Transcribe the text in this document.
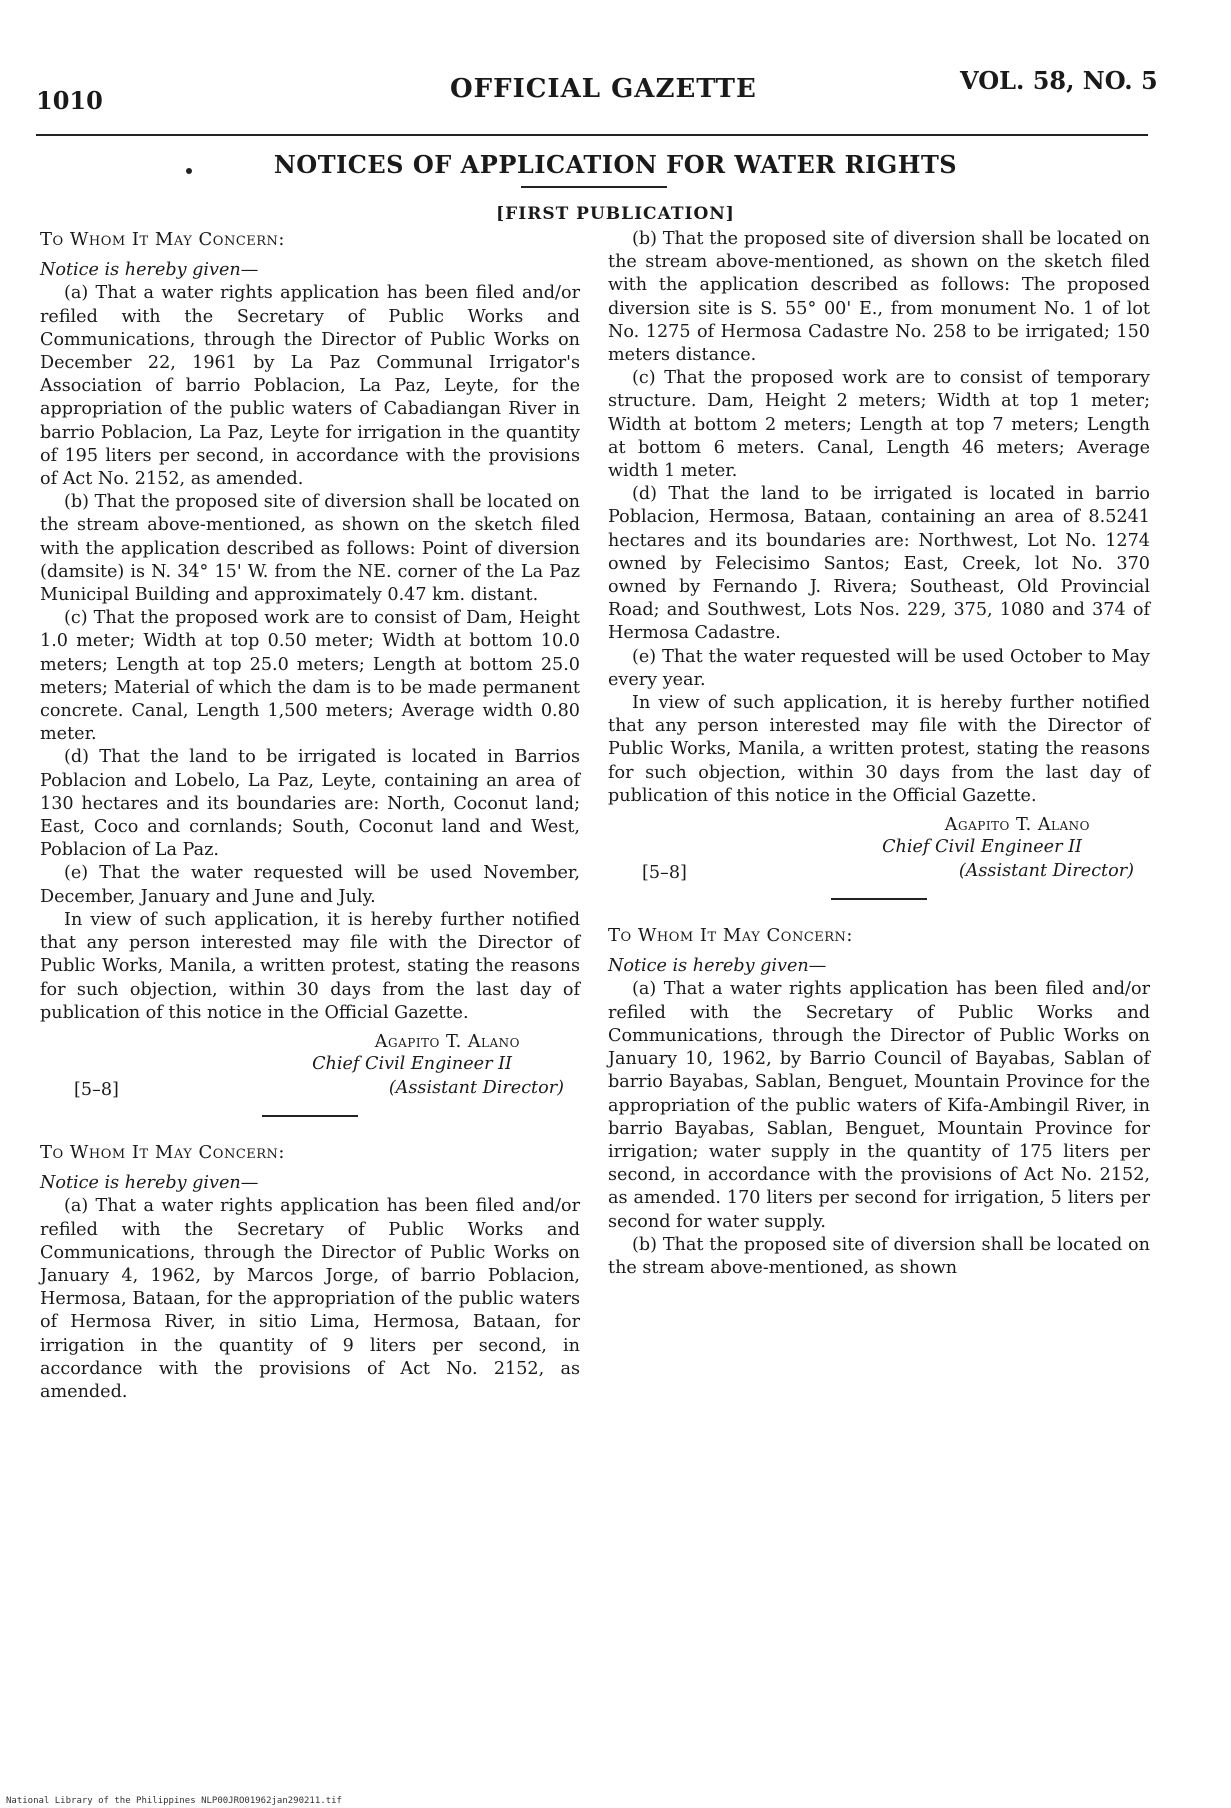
1010	OFFICIAL GAZETTE	VOL. 58, NO. 5
NOTICES OF APPLICATION FOR WATER RIGHTS
[FIRST PUBLICATION]

To Whom It May Concern:

Notice is hereby given—

(a) That a water rights application has been filed and/or refiled with the Secretary of Public Works and Communications, through the Director of Public Works on December 22, 1961 by La Paz Communal Irrigator's Association of barrio Poblacion, La Paz, Leyte, for the appropriation of the public waters of Cabadiangan River in barrio Poblacion, La Paz, Leyte for irrigation in the quantity of 195 liters per second, in accordance with the provisions of Act No. 2152, as amended.

(b) That the proposed site of diversion shall be located on the stream above-mentioned, as shown on the sketch filed with the application described as follows: Point of diversion (damsite) is N. 34° 15' W. from the NE. corner of the La Paz Municipal Building and approximately 0.47 km. distant.

(c) That the proposed work are to consist of Dam, Height 1.0 meter; Width at top 0.50 meter; Width at bottom 10.0 meters; Length at top 25.0 meters; Length at bottom 25.0 meters; Material of which the dam is to be made permanent concrete. Canal, Length 1,500 meters; Average width 0.80 meter.

(d) That the land to be irrigated is located in Barrios Poblacion and Lobelo, La Paz, Leyte, containing an area of 130 hectares and its boundaries are: North, Coconut land; East, Coco and cornlands; South, Coconut land and West, Poblacion of La Paz.

(e) That the water requested will be used November, December, January and June and July.

In view of such application, it is hereby further notified that any person interested may file with the Director of Public Works, Manila, a written protest, stating the reasons for such objection, within 30 days from the last day of publication of this notice in the Official Gazette.

Agapito T. Alano
Chief Civil Engineer II
(Assistant Director)
[5–8]

To Whom It May Concern:

Notice is hereby given—

(a) That a water rights application has been filed and/or refiled with the Secretary of Public Works and Communications, through the Director of Public Works on January 4, 1962, by Marcos Jorge, of barrio Poblacion, Hermosa, Bataan, for the appropriation of the public waters of Hermosa River, in sitio Lima, Hermosa, Bataan, for irrigation in the quantity of 9 liters per second, in accordance with the provisions of Act No. 2152, as amended.

(b) That the proposed site of diversion shall be located on the stream above-mentioned, as shown on the sketch filed with the application described as follows: The proposed diversion site is S. 55° 00' E., from monument No. 1 of lot No. 1275 of Hermosa Cadastre No. 258 to be irrigated; 150 meters distance.

(c) That the proposed work are to consist of temporary structure. Dam, Height 2 meters; Width at top 1 meter; Width at bottom 2 meters; Length at top 7 meters; Length at bottom 6 meters. Canal, Length 46 meters; Average width 1 meter.

(d) That the land to be irrigated is located in barrio Poblacion, Hermosa, Bataan, containing an area of 8.5241 hectares and its boundaries are: Northwest, Lot No. 1274 owned by Felecisimo Santos; East, Creek, lot No. 370 owned by Fernando J. Rivera; Southeast, Old Provincial Road; and Southwest, Lots Nos. 229, 375, 1080 and 374 of Hermosa Cadastre.

(e) That the water requested will be used October to May every year.

In view of such application, it is hereby further notified that any person interested may file with the Director of Public Works, Manila, a written protest, stating the reasons for such objection, within 30 days from the last day of publication of this notice in the Official Gazette.

Agapito T. Alano
Chief Civil Engineer II
(Assistant Director)
[5–8]

To Whom It May Concern:

Notice is hereby given—

(a) That a water rights application has been filed and/or refiled with the Secretary of Public Works and Communications, through the Director of Public Works on January 10, 1962, by Barrio Council of Bayabas, Sablan of barrio Bayabas, Sablan, Benguet, Mountain Province for the appropriation of the public waters of Kifa-Ambingil River, in barrio Bayabas, Sablan, Benguet, Mountain Province for irrigation; water supply in the quantity of 175 liters per second, in accordance with the provisions of Act No. 2152, as amended. 170 liters per second for irrigation, 5 liters per second for water supply.

(b) That the proposed site of diversion shall be located on the stream above-mentioned, as shown

National Library of the Philippines NLP00JRO01962jan290211.tif
